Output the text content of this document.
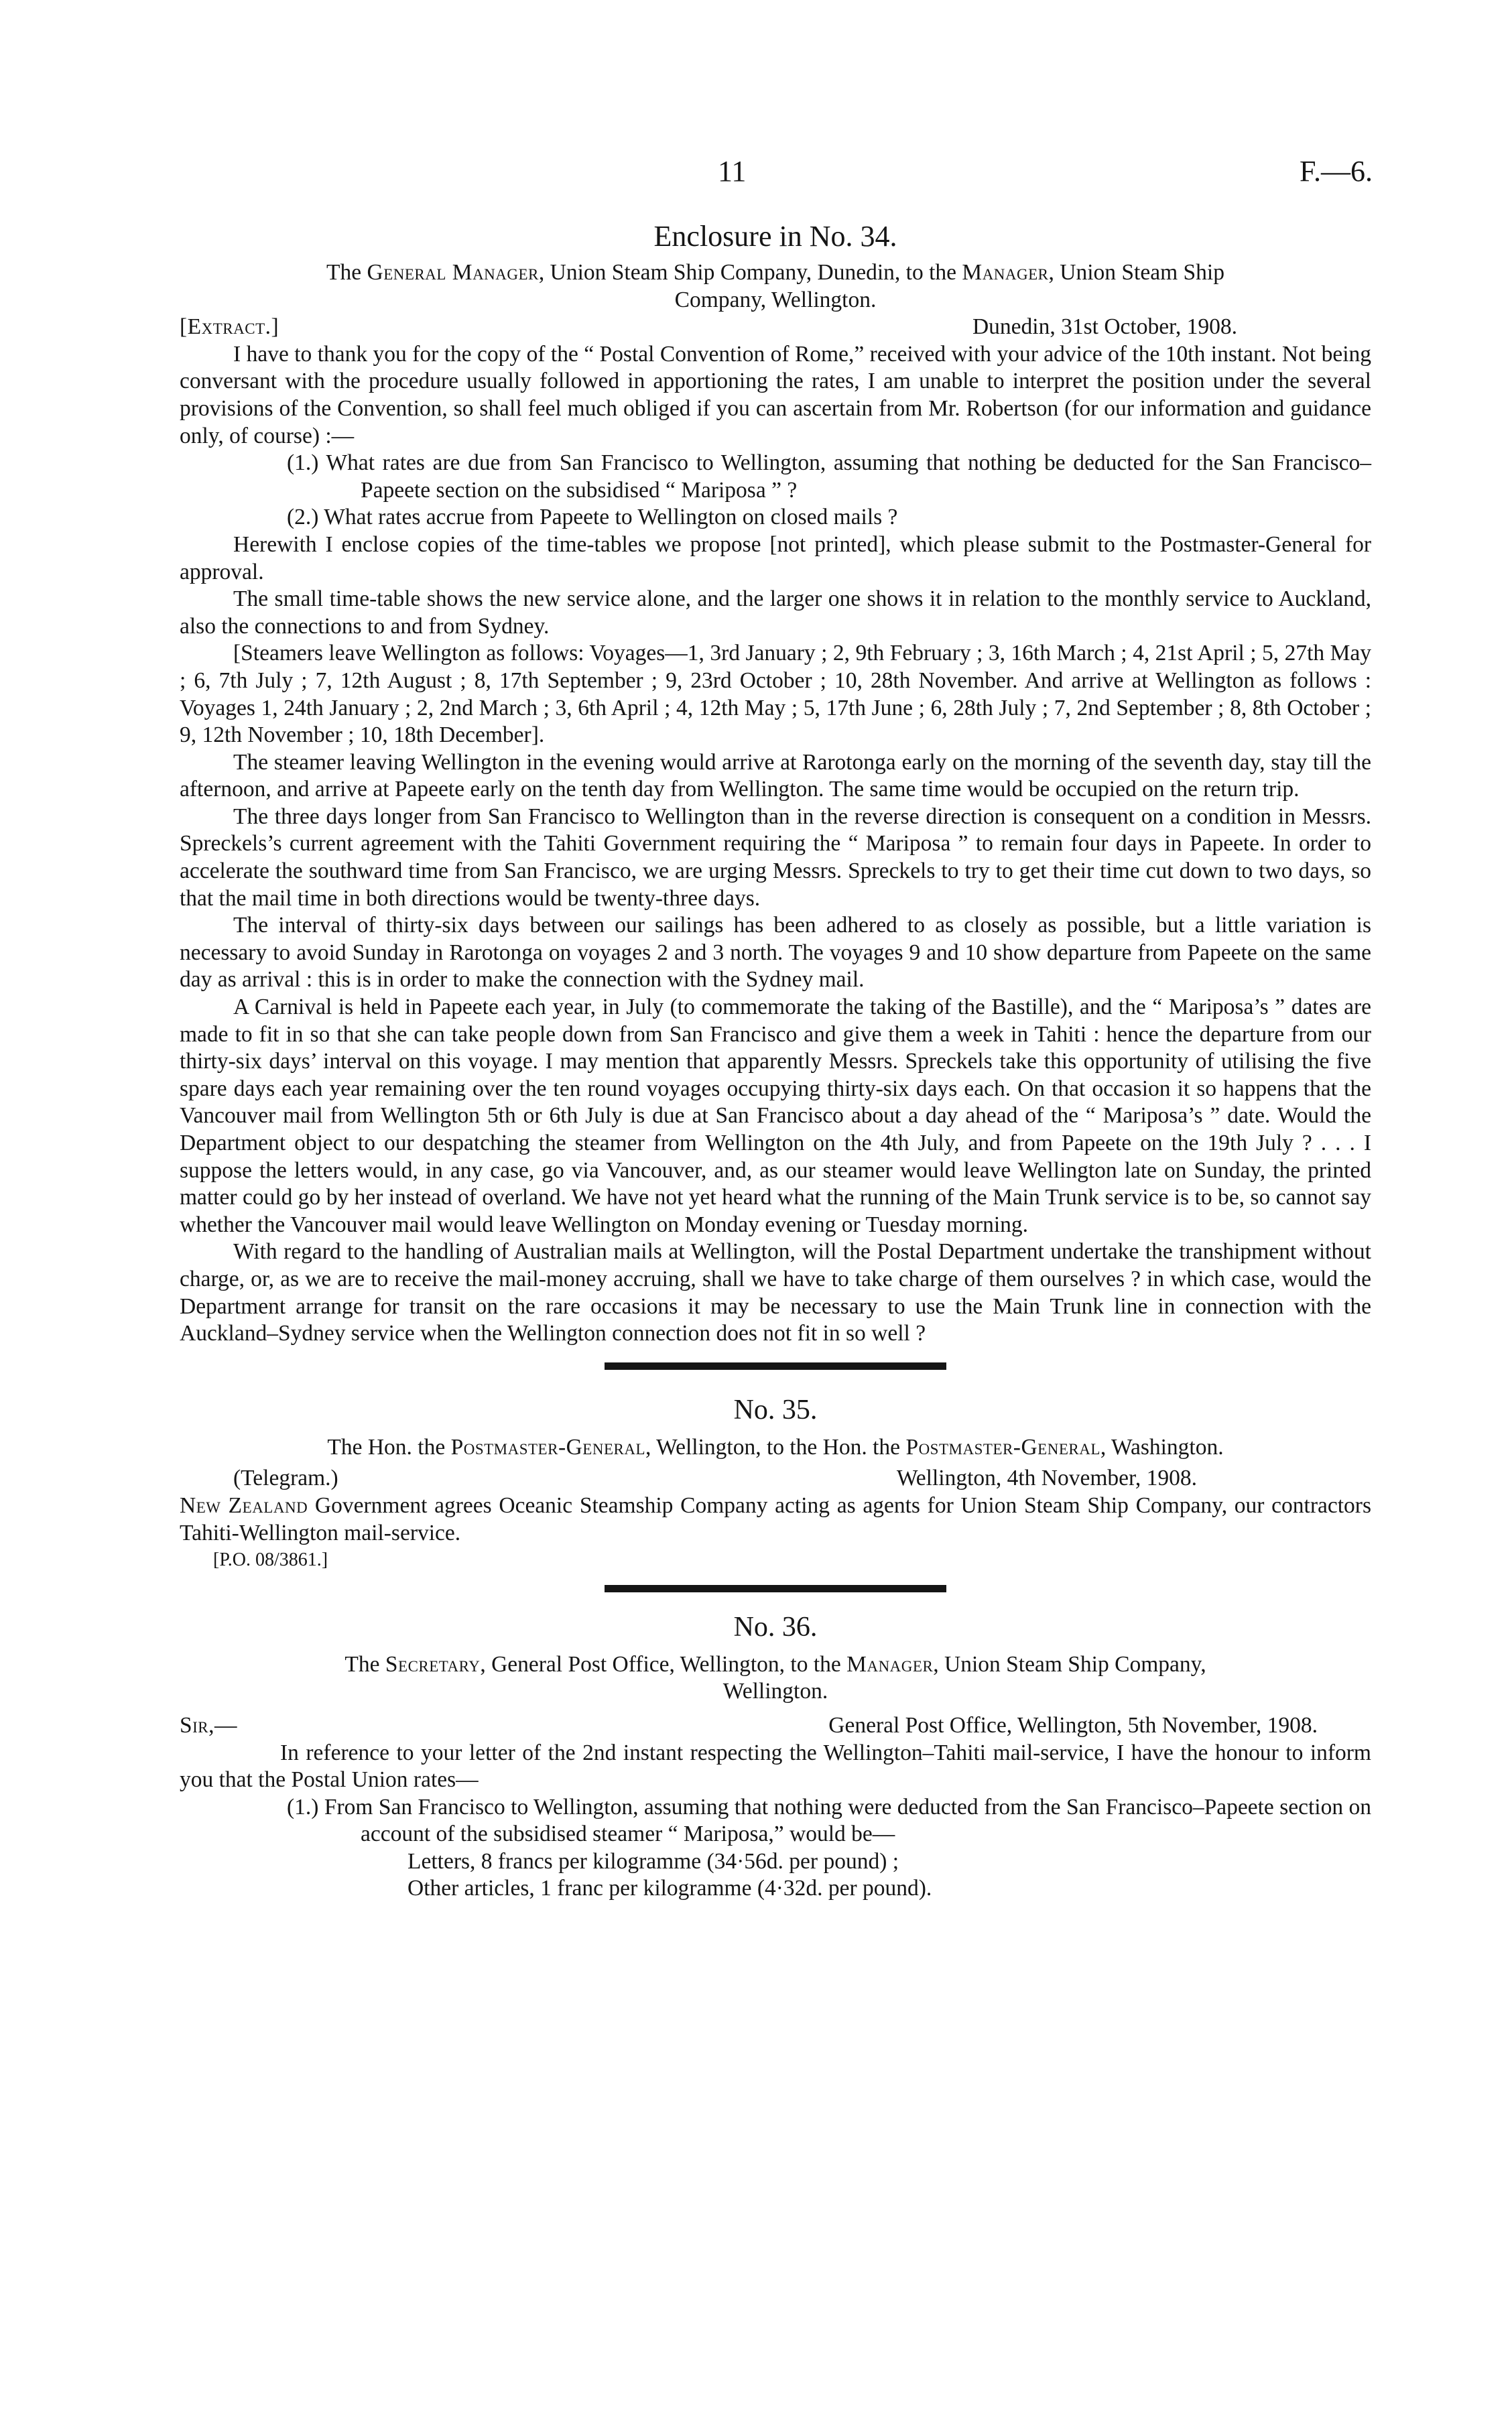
11	F.—6.
Enclosure in No. 34.

The General Manager, Union Steam Ship Company, Dunedin, to the Manager, Union Steam Ship

Company, Wellington.

[Extract.]	Dunedin, 31st October, 1908.

I have to thank you for the copy of the “ Postal Convention of Rome,” received with your advice of the 10th instant. Not being conversant with the procedure usually followed in apportioning the rates, I am unable to interpret the position under the several provisions of the Convention, so shall feel much obliged if you can ascertain from Mr. Robertson (for our information and guidance only, of course) :—

(1.) What rates are due from San Francisco to Wellington, assuming that nothing be deducted for the San Francisco–Papeete section on the subsidised “ Mariposa ” ?

(2.) What rates accrue from Papeete to Wellington on closed mails ?

Herewith I enclose copies of the time-tables we propose [not printed], which please submit to the Postmaster-General for approval.

The small time-table shows the new service alone, and the larger one shows it in relation to the monthly service to Auckland, also the connections to and from Sydney.

[Steamers leave Wellington as follows: Voyages—1, 3rd January ; 2, 9th February ; 3, 16th March ; 4, 21st April ; 5, 27th May ; 6, 7th July ; 7, 12th August ; 8, 17th September ; 9, 23rd October ; 10, 28th November. And arrive at Wellington as follows : Voyages 1, 24th January ; 2, 2nd March ; 3, 6th April ; 4, 12th May ; 5, 17th June ; 6, 28th July ; 7, 2nd September ; 8, 8th October ; 9, 12th November ; 10, 18th December].

The steamer leaving Wellington in the evening would arrive at Rarotonga early on the morning of the seventh day, stay till the afternoon, and arrive at Papeete early on the tenth day from Wellington. The same time would be occupied on the return trip.

The three days longer from San Francisco to Wellington than in the reverse direction is consequent on a condition in Messrs. Spreckels’s current agreement with the Tahiti Government requiring the “ Mariposa ” to remain four days in Papeete. In order to accelerate the southward time from San Francisco, we are urging Messrs. Spreckels to try to get their time cut down to two days, so that the mail time in both directions would be twenty-three days.

The interval of thirty-six days between our sailings has been adhered to as closely as possible, but a little variation is necessary to avoid Sunday in Rarotonga on voyages 2 and 3 north. The voyages 9 and 10 show departure from Papeete on the same day as arrival : this is in order to make the connection with the Sydney mail.

A Carnival is held in Papeete each year, in July (to commemorate the taking of the Bastille), and the “ Mariposa’s ” dates are made to fit in so that she can take people down from San Francisco and give them a week in Tahiti : hence the departure from our thirty-six days’ interval on this voyage. I may mention that apparently Messrs. Spreckels take this opportunity of utilising the five spare days each year remaining over the ten round voyages occupying thirty-six days each. On that occasion it so happens that the Vancouver mail from Wellington 5th or 6th July is due at San Francisco about a day ahead of the “ Mariposa’s ” date. Would the Department object to our despatching the steamer from Wellington on the 4th July, and from Papeete on the 19th July ? . . . I suppose the letters would, in any case, go via Vancouver, and, as our steamer would leave Wellington late on Sunday, the printed matter could go by her instead of overland. We have not yet heard what the running of the Main Trunk service is to be, so cannot say whether the Vancouver mail would leave Wellington on Monday evening or Tuesday morning.

With regard to the handling of Australian mails at Wellington, will the Postal Department undertake the transhipment without charge, or, as we are to receive the mail-money accruing, shall we have to take charge of them ourselves ? in which case, would the Department arrange for transit on the rare occasions it may be necessary to use the Main Trunk line in connection with the Auckland–Sydney service when the Wellington connection does not fit in so well ?

No. 35.

The Hon. the Postmaster-General, Wellington, to the Hon. the Postmaster-General, Washington.

(Telegram.)	Wellington, 4th November, 1908.

New Zealand Government agrees Oceanic Steamship Company acting as agents for Union Steam Ship Company, our contractors Tahiti-Wellington mail-service.

[P.O. 08/3861.]

No. 36.

The Secretary, General Post Office, Wellington, to the Manager, Union Steam Ship Company,

Wellington.

Sir,—	General Post Office, Wellington, 5th November, 1908.

In reference to your letter of the 2nd instant respecting the Wellington–Tahiti mail-service, I have the honour to inform you that the Postal Union rates—

(1.) From San Francisco to Wellington, assuming that nothing were deducted from the San Francisco–Papeete section on account of the subsidised steamer “ Mariposa,” would be—

Letters, 8 francs per kilogramme (34·56d. per pound) ;

Other articles, 1 franc per kilogramme (4·32d. per pound).
